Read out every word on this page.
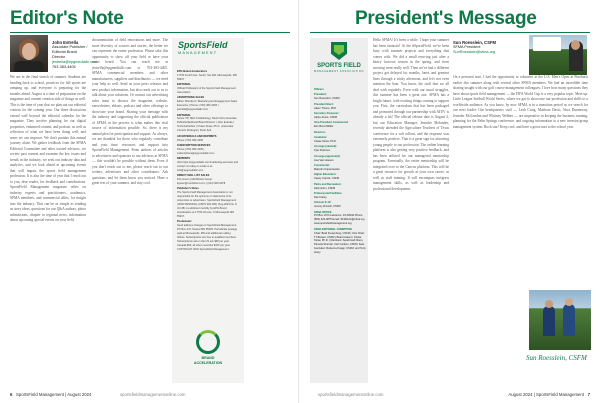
Editor's Note
John Estrella
Associate Publisher /
Editorial Brand Director
jestrella@epgmediallc.com
763-383-4405
We are in the final stretch of summer. Students are heading back to school, practices for fall sports are ramping up, and everyone is preparing for the months ahead. August is a time of preparation on the magazine and content creation side of things as well. This is the time of year that we plan out our editorial content for the coming year. Our three discussions extend well beyond the editorial calendar for the magazine. They involve planning for our digital properties, enhanced content, and podcast, as well as reflection of what we have been doing well, and areas we can improve. We don't partake this annual journey alone. We gather feedback from the SFMA Editorial Committee and other trusted advisors, we review past content and examine the key issues and trends in the industry, we seek out industry data and analytics, and we look ahead at upcoming events that will impact the sports field management profession. It is also the time of year that I reach out to you, dear reader, for feedback and contributions. SportsField Management magazine relies on industry experts and practitioners, academics, SFMA members, and commercial allies, for insight into the industry. That can be as simple as sending us story ideas, questions for our Q&A authors, photo submissions, chapter or regional news, information about upcoming special events on your field,
documentation of field renovations and more. The more diversity of sources and stories, the better we can represent the entire profession. Please take this opportunity to show off your field or have your voice heard. You can reach me at jestrella@epgmediallc.com or 763-383-4405. SFMA commercial members and other manufacturers, suppliers and distributors — we need your help as well. Send us your press releases and new product information, but also reach out to us to talk about your solutions. Or contact our advertising sales team to discuss the magazine, website, enewsletters, eblasts, podcast and other offerings to showcase your brand. Sharing your message with the industry and supporting the official publication of SFMA in the process is what makes this vital source of information possible. So, there is my annual plea for participation and support. As always, we are thankful for those who regularly contribute and your time, resources and support into SportsField Management. From authors of articles to advertisers and sponsors to our advisors at SFMA — this wouldn't be possible without them. Even if you don't reach out to me, please reach out to our writers, advertisers and other contributors. Ask questions, and let them know you noticed. Have a great rest of your summer, and stay cool.
SportsField
MANAGEMENT
EPG Brand Accelerators
17700 Fourth Ave. South, Ste 300, Minneapolis, MN 55407
EDITORIAL
Official Publication of the Sports Field Management Association
ADVERTISING SALES
Editor: Brenda Z | Marketing and Engagement Sales Executive | Phone: (763) 383-4405 | jestrella@epgmediallc.com
EDITORIAL
Senior VP, SEO & Marketing | David Voll | Associate Publisher/Editorial Brand Director | John Estrella | Technical Editor | Chase Straw, Ph.D. | Associate Content Strategist | Peter Zell
AD MATERIALS AND REPRINTS
Phone (763) 383-4405
SUBSCRIPTION SERVICES
Phone (763) 383-4405 | subscriptions@epgmediallc.com
REPRINTS
Visit https://epgmediallc.com/marketing-services/ and contact us today or email us at info@epgmediallc.com
DIRECT MAIL LIST SALES
Kris Green | MeritDirect Group kgreen@meritdirect.com | (914) 309-3378
Publisher's Notes
The Sports Field Management Association is not responsible for the opinions or statements of its columnists or advertisers. SportsField Management (ISSN PENDING) (USPS 000-000) (Sug.2024 No. 8 Vol 28) is published monthly by EPG Brand Accelerators at 17700 4th Ave. S Minneapolis MN 55407.
Postmaster:
Send address changes to SportsField Management, PO Box 447, Dassel MN 55325. Periodicals postage paid at Minneapolis, MN and additional mailing offices. Subscriptions are free to qualified members. Subscriptions rate in the US are $48 per year. Canada $66; all other countries $150 per year. COPYRIGHT 2024 SportsField Management.
BRAND
ACCELERATION
6 SportsField Management | August 2024	sportsfieldmanagementonline.com
President's Message
SPORTS FIELD
MANAGEMENT ASSOCIATION
Officers
President:
Sun Roesslein, CSFM
President Elect:
Adam Thoms, PhD
Secretary-Treasurer:
Alpha Jones, CSFM
Vice-President Commercial:
Erin Bond Wilder
Directors
Academic:
Chase Straw, Ph.D.
At-Large (elected):
Kyle Peterson
At-Large (appointed):
Lisa Van Hoesen
Commercial:
Malcolm Kopaczewski
Higher Education:
Casey Carrick, CSFM
Parks and Recreation:
Zack Holm, CSFM
Professional Facilities:
Dan Farley
Schools K-12:
Jeremy Driscoll, CSFM
SFMA OFFICE
PO Box 1073 Lawrence, KS 66044 Phone (800) 323-3875 Email: SFMAinfo@sfma.org www.sportsfieldmanagement.org
SFMA EDITORIAL COMMITTEE
Chair: Brad Fresenburg, CSFM | Vice Chair: TJ Brewer, CSFM | Board Liaison: Chase Straw, Ph.D. | Members: Sarah Hall Olsen, Pamela Sherratt, Carl Carlson, CSFM; Kate Gonzalez; Rebecca Knapp; CSFM, and Terry Avery
Hello SFMA! It's been a while. I hope your summer has been fantastic! At the #SportsField, we've been busy with summer projects and everything that comes with. We did a small reno-ing just after a heavy lacrosse season in the spring, and from mowing went really well. Then we've had a different project get delayed for months, latest and greatest lines through a tricky afternoon, and let's not even mention the heat. You know, the stuff that we all deal with regularly. Even with our usual struggles, this summer has been a great one. SFMA has a bright future, with exciting things coming to support you. First, the curriculum that has been packaged and promoted through our partnership with ATEV is already a hit! The official release date is August 2, but our Education Manager, Jennifer Molander, recently attended the Agriculture Teachers of Texas conference for a soft rollout, and the response was extremely positive. That is a great sign for attracting young people to our profession. The online learning platform is also getting very positive feedback, and has been utilized for our managerial mentorship program. Eventually, the entire mentorship will be integrated over to the Canvas platform. This will be a great resource for growth at your own career, as well as staff training. It will encompass turfgrass management skills, as well as leadership and professional development.
Sun Roesslein, CSFM
SFMA President
SunRoesslein@sfma.org
On a personal note, I had the opportunity to volunteer at the U.S. Men's Open at Pinehurst earlier this summer along with several other SFMA members. We had an incredible time sharing insight with our golf course management colleagues. I love how many questions they have about sports field management — the FIFA World Cup is a very popular topic. Meet up: Little League Softball World Series, where we got to showcase our profession and skills to a worldwide audience. As you know, by now SFMA is in a transition period as we search for our next leader. Our headquarters staff — Leah Craig, Madison Davis, Nora Dunnaway, Jennifer McLendon and Whitney Webber — are imperative in keeping the business running, planning for the Palm Springs conference, and ongoing information to a new investor/group management system. Rock star! Keep cool, and have a great start to the school year.
Sun Roesslein, CSFM
sportsfieldmanagementonline.com	August 2024 | SportsField Management 7
